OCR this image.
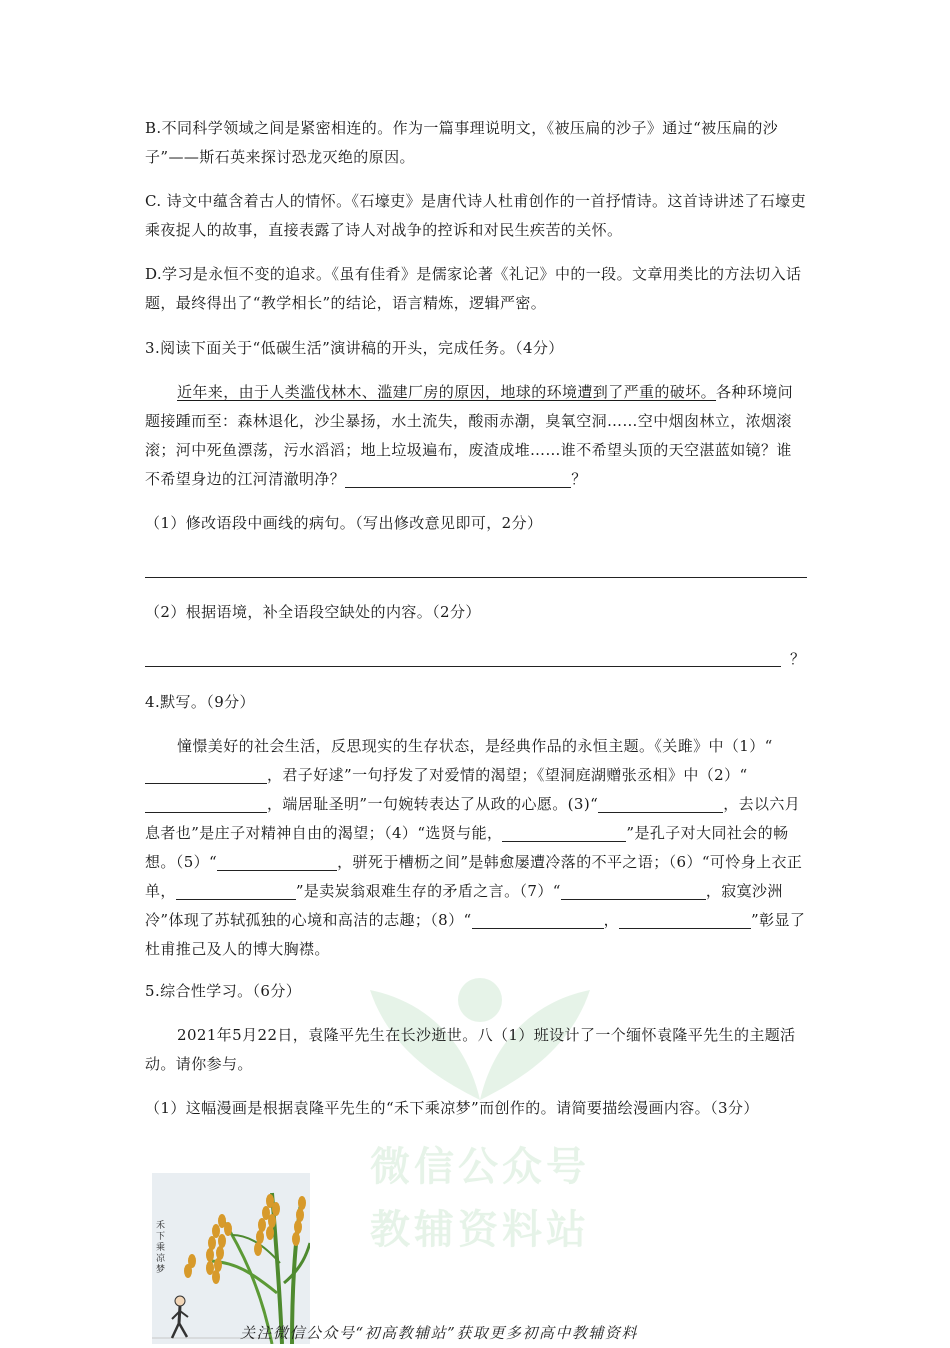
微信公众号
教辅资料站
B.不同科学领域之间是紧密相连的。作为一篇事理说明文，《被压扁的沙子》通过“被压扁的沙子”——斯石英来探讨恐龙灭绝的原因。
C. 诗文中蕴含着古人的情怀。《石壕吏》是唐代诗人杜甫创作的一首抒情诗。这首诗讲述了石壕吏乘夜捉人的故事，直接表露了诗人对战争的控诉和对民生疾苦的关怀。
D.学习是永恒不变的追求。《虽有佳肴》是儒家论著《礼记》中的一段。文章用类比的方法切入话题，最终得出了“教学相长”的结论，语言精炼，逻辑严密。
3.阅读下面关于“低碳生活”演讲稿的开头，完成任务。（4分）
近年来，由于人类滥伐林木、滥建厂房的原因，地球的环境遭到了严重的破坏。各种环境问题接踵而至：森林退化，沙尘暴扬，水土流失，酸雨赤潮，臭氧空洞……空中烟囱林立，浓烟滚滚；河中死鱼漂荡，污水滔滔；地上垃圾遍布，废渣成堆……谁不希望头顶的天空湛蓝如镜？谁不希望身边的江河清澈明净？	？
（1）修改语段中画线的病句。（写出修改意见即可，2分）
（2）根据语境，补全语段空缺处的内容。（2分）
？
4.默写。（9分）
憧憬美好的社会生活，反思现实的生存状态，是经典作品的永恒主题。《关雎》中（1）“，君子好逑”一句抒发了对爱情的渴望；《望洞庭湖赠张丞相》中（2）“，端居耻圣明”一句婉转表达了从政的心愿。(3)“	，去以六月息者也”是庄子对精神自由的渴望；（4）“选贤与能，	”是孔子对大同社会的畅想。（5）“	，骈死于槽枥之间”是韩愈屡遭冷落的不平之语；（6）“可怜身上衣正单，	”是卖炭翁艰难生存的矛盾之言。（7）“	，寂寞沙洲冷”体现了苏轼孤独的心境和高洁的志趣；（8）“	，	”彰显了杜甫推己及人的博大胸襟。
5.综合性学习。（6分）
2021年5月22日，袁隆平先生在长沙逝世。八（1）班设计了一个缅怀袁隆平先生的主题活动。请你参与。
（1）这幅漫画是根据袁隆平先生的“禾下乘凉梦”而创作的。请简要描绘漫画内容。（3分）
禾下乘凉梦
关注微信公众号“初高教辅站”获取更多初高中教辅资料
